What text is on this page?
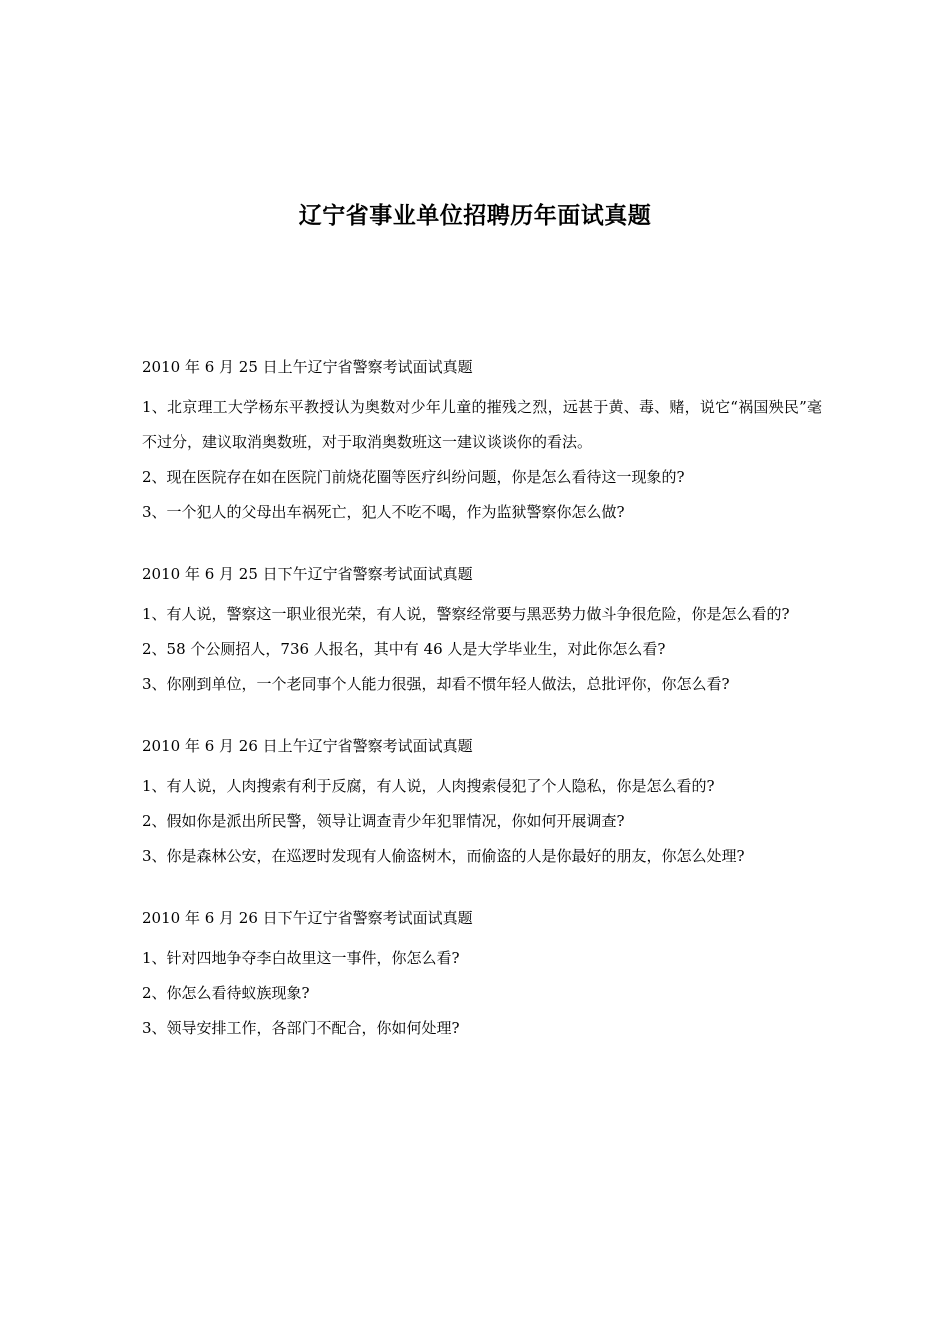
辽宁省事业单位招聘历年面试真题
2010 年 6 月 25 日上午辽宁省警察考试面试真题

1、北京理工大学杨东平教授认为奥数对少年儿童的摧残之烈，远甚于黄、毒、赌，说它“祸国殃民”毫不过分，建议取消奥数班，对于取消奥数班这一建议谈谈你的看法。

2、现在医院存在如在医院门前烧花圈等医疗纠纷问题，你是怎么看待这一现象的?

3、一个犯人的父母出车祸死亡，犯人不吃不喝，作为监狱警察你怎么做?

2010 年 6 月 25 日下午辽宁省警察考试面试真题

1、有人说，警察这一职业很光荣，有人说，警察经常要与黑恶势力做斗争很危险，你是怎么看的?

2、58 个公厕招人，736 人报名，其中有 46 人是大学毕业生，对此你怎么看?

3、你刚到单位，一个老同事个人能力很强，却看不惯年轻人做法，总批评你，你怎么看?

2010 年 6 月 26 日上午辽宁省警察考试面试真题

1、有人说，人肉搜索有利于反腐，有人说，人肉搜索侵犯了个人隐私，你是怎么看的?

2、假如你是派出所民警，领导让调查青少年犯罪情况，你如何开展调查?

3、你是森林公安，在巡逻时发现有人偷盗树木，而偷盗的人是你最好的朋友，你怎么处理?

2010 年 6 月 26 日下午辽宁省警察考试面试真题

1、针对四地争夺李白故里这一事件，你怎么看?

2、你怎么看待蚁族现象?

3、领导安排工作，各部门不配合，你如何处理?
